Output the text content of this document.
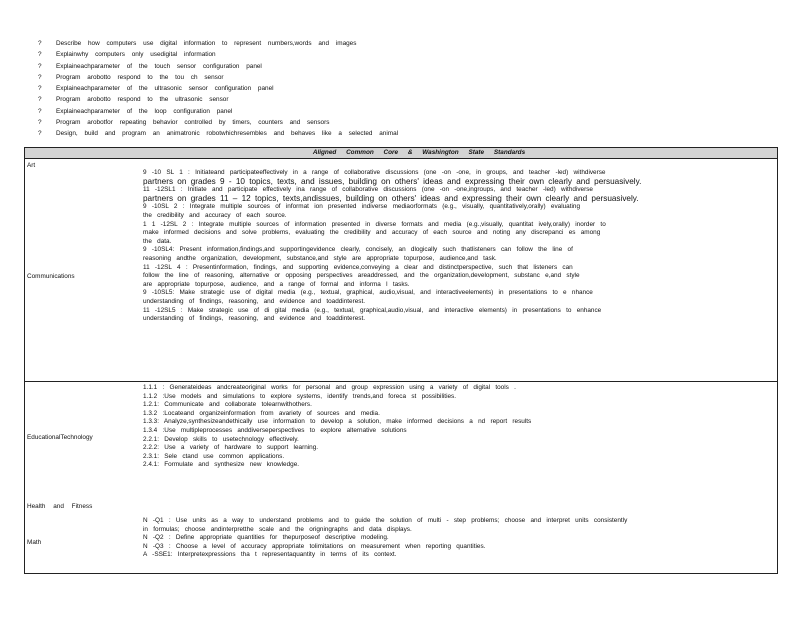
? Describe how computers use digital information to represent numbers,words and images
? Explainwhy computers only usedigital information
? Explaineachparameter of the touch sensor configuration panel
? Program arobotto respond to the tou ch sensor
? Explaineachparameter of the ultrasonic sensor configuration panel
? Program arobotto respond to the ultrasonic sensor
? Explaineachparameter of the loop configuration panel
? Program arobotfor repeating behavior controlled by timers, counters and sensors
? Design, build and program an animatronic robotwhichresembles and behaves like a selected animal
Aligned Common Core & Washington State Standards
Art
Communications
9 -10 SL 1 : Initiateand participateeffectively in a range of collaborative discussions (one -on -one, in groups, and teacher -led) withdiverse
partners on grades 9 - 10 topics, texts, and issues, building on others' ideas and expressing their own clearly and persuasively.
11 -12SL1 : Initiate and participate effectively ina range of collaborative discussions (one -on -one,ingroups, and teacher -led) withdiverse
partners on grades 11 – 12 topics, texts,andissues, building on others' ideas and expressing their own clearly and persuasively.
9 -10SL 2 : Integrate multiple sources of informat ion presented indiverse mediaorformats (e.g., visually, quantitatively,orally) evaluating
the credibility and accuracy of each source.
1 1 -12SL 2 : Integrate multiple sources of information presented in diverse formats and media (e.g.,visually, quantitat ively,orally) inorder to
make informed decisions and solve problems, evaluating the credibility and accuracy of each source and noting any discrepanci es among
the data.
9 -10SL4: Present information,findings,and supportingevidence clearly, concisely, an dlogically such thatlisteners can follow the line of
reasoning andthe organization, development, substance,and style are appropriate topurpose, audience,and task.
11 -12SL 4 : Presentinformation, findings, and supporting evidence,conveying a clear and distinctperspective, such that listeners can
follow the line of reasoning, alternative or opposing perspectives areaddressed, and the organization,development, substanc e,and style
are appropriate topurpose, audience, and a range of formal and informa l tasks.
9 -10SL5: Make strategic use of digital media (e.g., textual, graphical, audio,visual, and interactiveelements) in presentations to e nhance
understanding of findings, reasoning, and evidence and toaddinterest.
11 -12SL5 : Make strategic use of di gital media (e.g., textual, graphical,audio,visual, and interactive elements) in presentations to enhance
understanding of findings, reasoning, and evidence and toaddinterest.
EducationalTechnology
1.1.1 : Generateideas andcreateoriginal works for personal and group expression using a variety of digital tools .
1.1.2 :Use models and simulations to explore systems, identify trends,and foreca st possibilities.
1.2.1: Communicate and collaborate tolearnwithothers.
1.3.2 :Locateand organizeinformation from avariety of sources and media.
1.3.3: Analyze,synthesizeandethically use information to develop a solution, make informed decisions a nd report results
1.3.4 :Use multipleprocesses anddiverseperspectives to explore alternative solutions
2.2.1: Develop skills to usetechnology effectively.
2.2.2: Use a variety of hardware to support learning.
2.3.1: Sele ctand use common applications.
2.4.1: Formulate and synthesize new knowledge.
Health and Fitness
Math
N -Q1 : Use units as a way to understand problems and to guide the solution of multi - step problems; choose and interpret units consistently
in formulas; choose andinterpretthe scale and the origningraphs and data displays.
N -Q2 : Define appropriate quantities for thepurposeof descriptive modeling.
N -Q3 : Choose a level of accuracy appropriate tolimitations on measurement when reporting quantities.
A -SSE1: Interpretexpressions tha t representaquantity in terms of its context.
